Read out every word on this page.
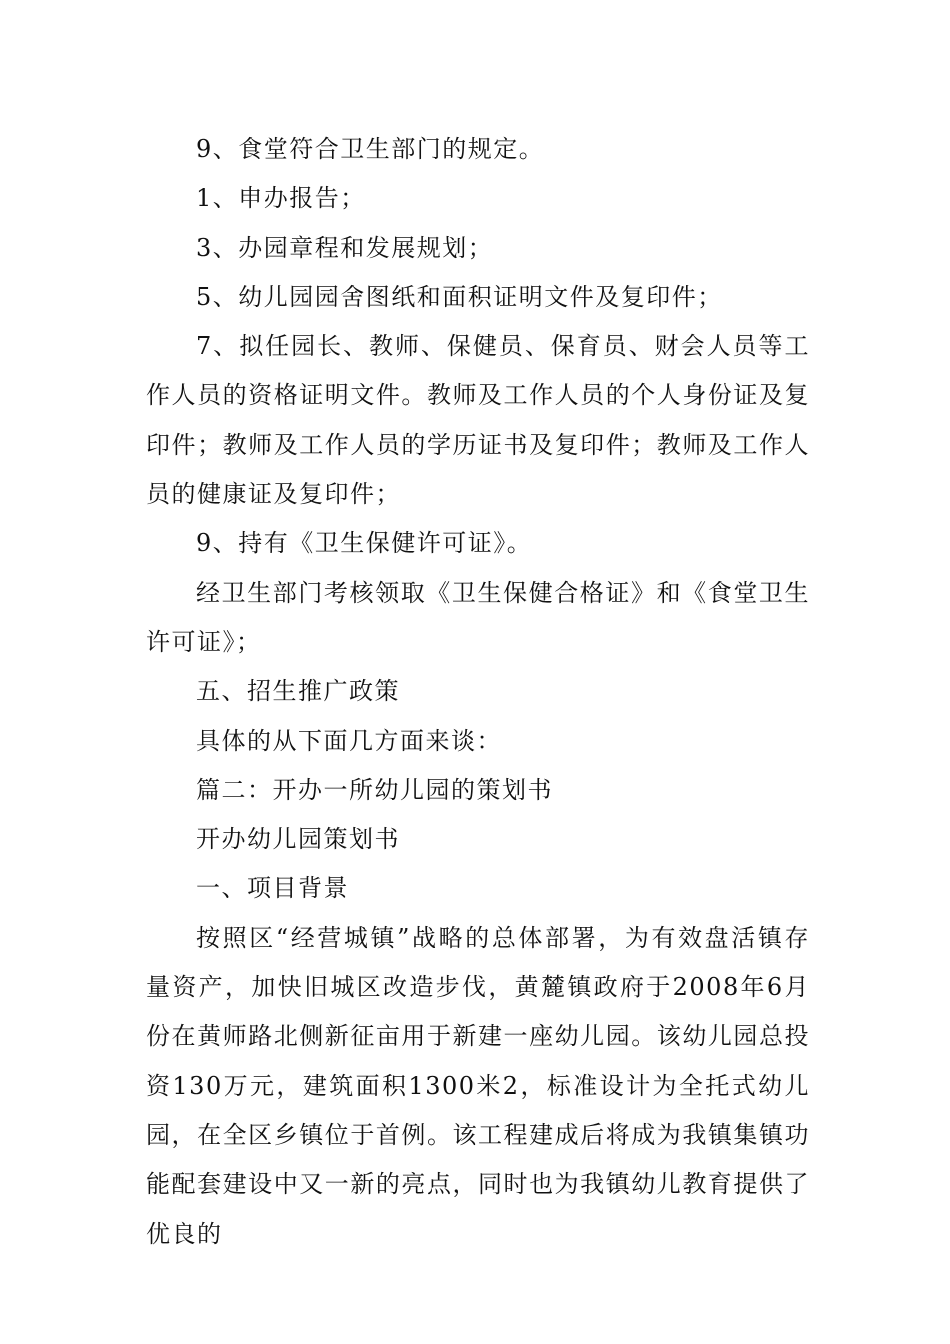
9、食堂符合卫生部门的规定。

1、申办报告；

3、办园章程和发展规划；

5、幼儿园园舍图纸和面积证明文件及复印件；

7、拟任园长、教师、保健员、保育员、财会人员等工作人员的资格证明文件。教师及工作人员的个人身份证及复印件；教师及工作人员的学历证书及复印件；教师及工作人员的健康证及复印件；

9、持有《卫生保健许可证》。

经卫生部门考核领取《卫生保健合格证》和《食堂卫生许可证》；

五、招生推广政策

具体的从下面几方面来谈：

篇二：开办一所幼儿园的策划书

开办幼儿园策划书

一、项目背景

按照区“经营城镇”战略的总体部署，为有效盘活镇存量资产，加快旧城区改造步伐，黄麓镇政府于2008年6月份在黄师路北侧新征亩用于新建一座幼儿园。该幼儿园总投资130万元，建筑面积1300米2，标准设计为全托式幼儿园，在全区乡镇位于首例。该工程建成后将成为我镇集镇功能配套建设中又一新的亮点，同时也为我镇幼儿教育提供了优良的
